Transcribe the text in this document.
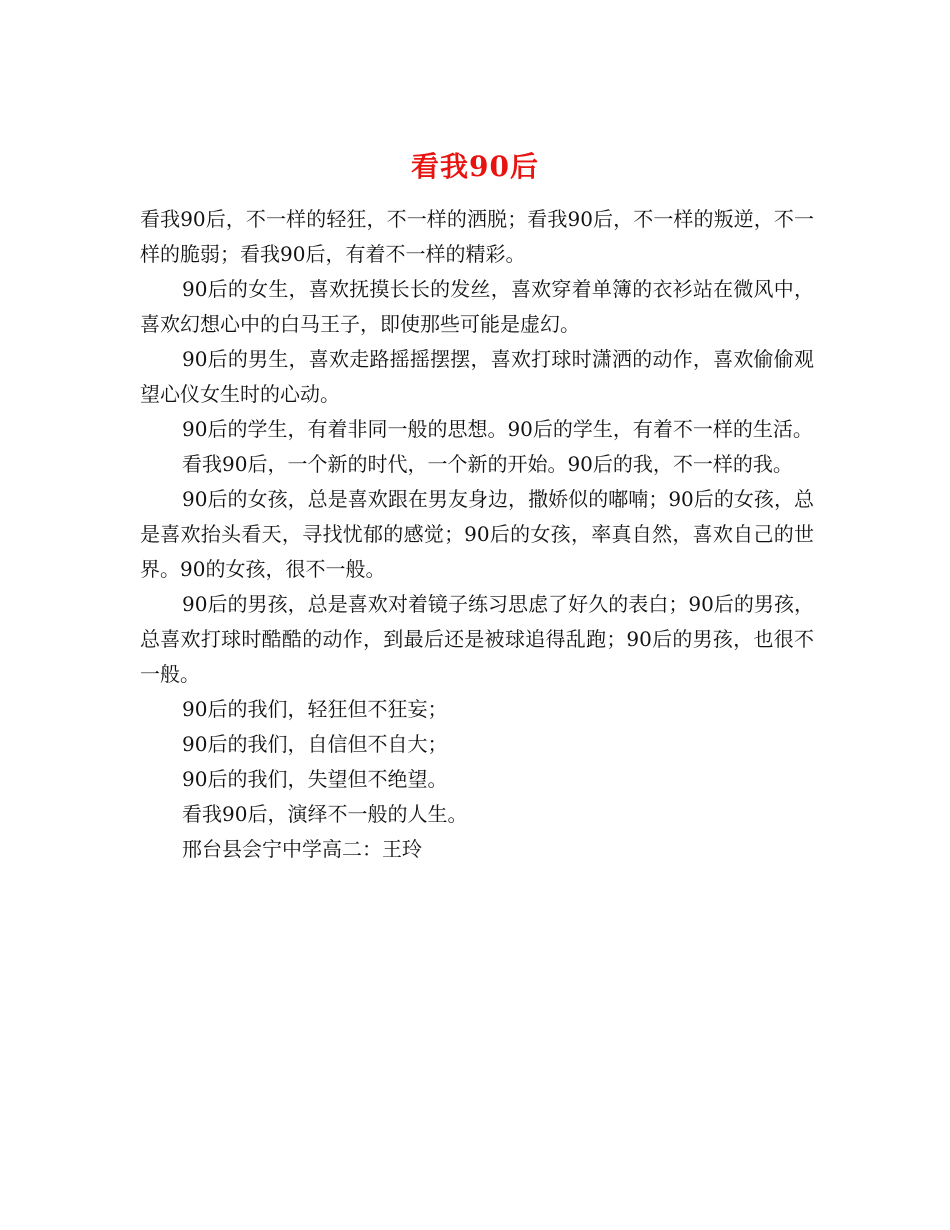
看我90后

看我90后，不一样的轻狂，不一样的洒脱；看我90后，不一样的叛逆，不一样的脆弱；看我90后，有着不一样的精彩。

90后的女生，喜欢抚摸长长的发丝，喜欢穿着单簿的衣衫站在微风中，喜欢幻想心中的白马王子，即使那些可能是虚幻。

90后的男生，喜欢走路摇摇摆摆，喜欢打球时潇洒的动作，喜欢偷偷观望心仪女生时的心动。

90后的学生，有着非同一般的思想。90后的学生，有着不一样的生活。

看我90后，一个新的时代，一个新的开始。90后的我，不一样的我。

90后的女孩，总是喜欢跟在男友身边，撒娇似的嘟喃；90后的女孩，总是喜欢抬头看天，寻找忧郁的感觉；90后的女孩，率真自然，喜欢自己的世界。90的女孩，很不一般。

90后的男孩，总是喜欢对着镜子练习思虑了好久的表白；90后的男孩，总喜欢打球时酷酷的动作，到最后还是被球追得乱跑；90后的男孩，也很不一般。

90后的我们，轻狂但不狂妄；

90后的我们，自信但不自大；

90后的我们，失望但不绝望。

看我90后，演绎不一般的人生。

邢台县会宁中学高二：王玲
